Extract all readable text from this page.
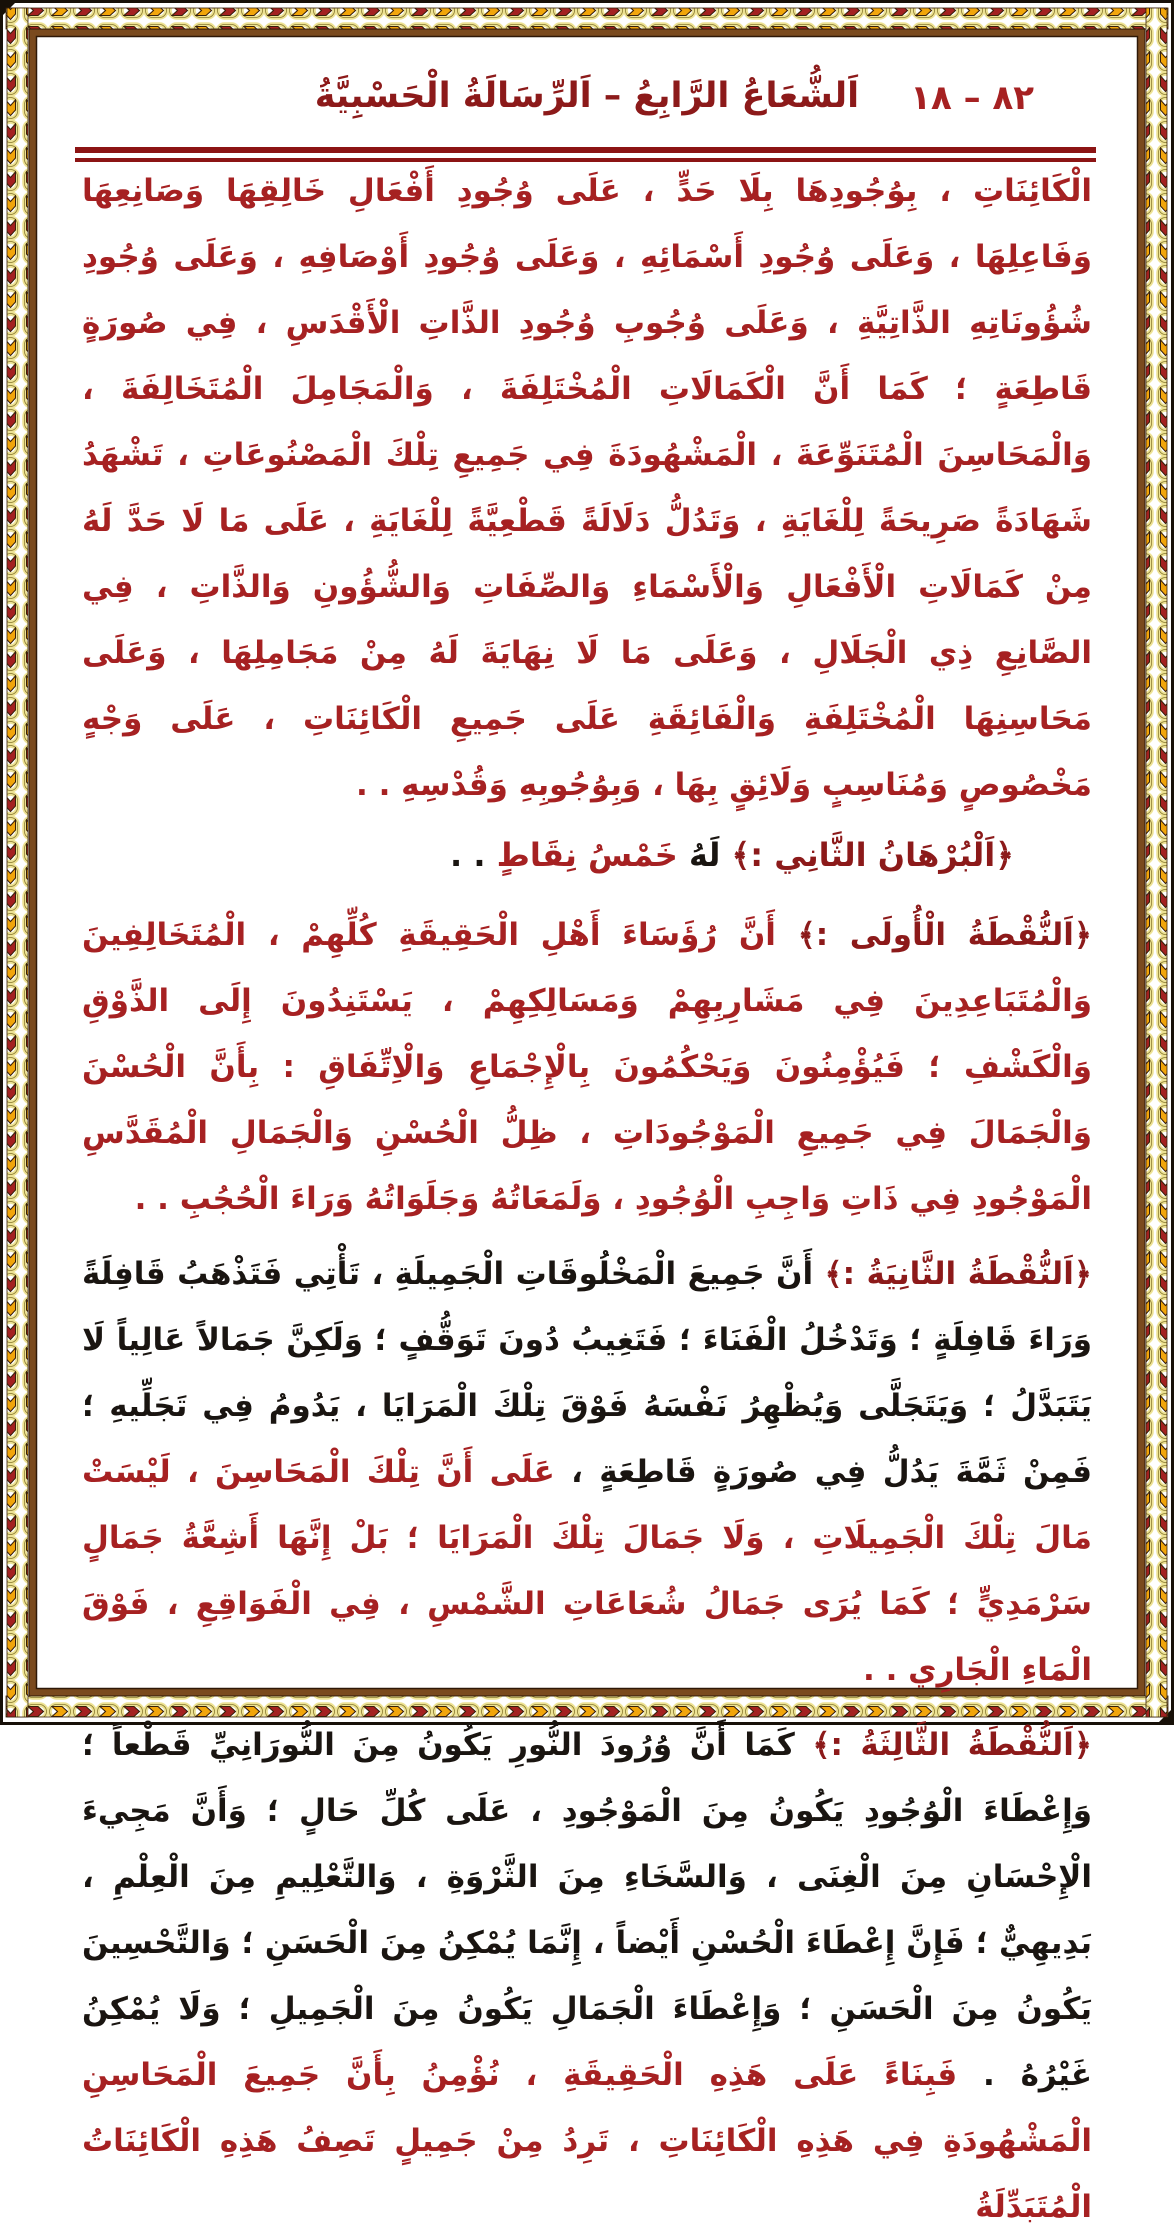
اَلشُّعَاعُ الرَّابِعُ – اَلرِّسَالَةُ الْحَسْبِيَّةُ	٨٢ – ١٨

الْكَائِنَاتِ ، بِوُجُودِهَا بِلَا حَدٍّ ، عَلَى وُجُودِ أَفْعَالِ خَالِقِهَا وَصَانِعِهَا وَفَاعِلِهَا ، وَعَلَى وُجُودِ أَسْمَائِهِ ، وَعَلَى وُجُودِ أَوْصَافِهِ ، وَعَلَى وُجُودِ شُؤُونَاتِهِ الذَّاتِيَّةِ ، وَعَلَى وُجُوبِ وُجُودِ الذَّاتِ الْأَقْدَسِ ، فِي صُورَةٍ قَاطِعَةٍ ؛ كَمَا أَنَّ الْكَمَالَاتِ الْمُخْتَلِفَةَ ، وَالْمَجَامِلَ الْمُتَخَالِفَةَ ، وَالْمَحَاسِنَ الْمُتَنَوِّعَةَ ، الْمَشْهُودَةَ فِي جَمِيعِ تِلْكَ الْمَصْنُوعَاتِ ، تَشْهَدُ شَهَادَةً صَرِيحَةً لِلْغَايَةِ ، وَتَدُلُّ دَلَالَةً قَطْعِيَّةً لِلْغَايَةِ ، عَلَى مَا لَا حَدَّ لَهُ مِنْ كَمَالَاتِ الْأَفْعَالِ وَالْأَسْمَاءِ وَالصِّفَاتِ وَالشُّؤُونِ وَالذَّاتِ ، فِي الصَّانِعِ ذِي الْجَلَالِ ، وَعَلَى مَا لَا نِهَايَةَ لَهُ مِنْ مَجَامِلِهَا ، وَعَلَى مَحَاسِنِهَا الْمُخْتَلِفَةِ وَالْفَائِقَةِ عَلَى جَمِيعِ الْكَائِنَاتِ ، عَلَى وَجْهٍ مَخْصُوصٍ وَمُنَاسِبٍ وَلَائِقٍ بِهَا ، وَبِوُجُوبِهِ وَقُدْسِهِ . .

﴿اَلْبُرْهَانُ الثَّانِي :﴾ لَهُ خَمْسُ نِقَاطٍ . .

﴿اَلنُّقْطَةُ الْأُولَى :﴾ أَنَّ رُؤَسَاءَ أَهْلِ الْحَقِيقَةِ كُلِّهِمْ ، الْمُتَخَالِفِينَ وَالْمُتَبَاعِدِينَ فِي مَشَارِبِهِمْ وَمَسَالِكِهِمْ ، يَسْتَنِدُونَ إِلَى الذَّوْقِ وَالْكَشْفِ ؛ فَيُؤْمِنُونَ وَيَحْكُمُونَ بِالْإِجْمَاعِ وَالْاِتِّفَاقِ : بِأَنَّ الْحُسْنَ وَالْجَمَالَ فِي جَمِيعِ الْمَوْجُودَاتِ ، ظِلُّ الْحُسْنِ وَالْجَمَالِ الْمُقَدَّسِ الْمَوْجُودِ فِي ذَاتِ وَاجِبِ الْوُجُودِ ، وَلَمَعَاتُهُ وَجَلَوَاتُهُ وَرَاءَ الْحُجُبِ . .

﴿اَلنُّقْطَةُ الثَّانِيَةُ :﴾ أَنَّ جَمِيعَ الْمَخْلُوقَاتِ الْجَمِيلَةِ ، تَأْتِي فَتَذْهَبُ قَافِلَةً وَرَاءَ قَافِلَةٍ ؛ وَتَدْخُلُ الْفَنَاءَ ؛ فَتَغِيبُ دُونَ تَوَقُّفٍ ؛ وَلَكِنَّ جَمَالاً عَالِياً لَا يَتَبَدَّلُ ؛ وَيَتَجَلَّى وَيُظْهِرُ نَفْسَهُ فَوْقَ تِلْكَ الْمَرَايَا ، يَدُومُ فِي تَجَلِّيهِ ؛ فَمِنْ ثَمَّةَ يَدُلُّ فِي صُورَةٍ قَاطِعَةٍ ، عَلَى أَنَّ تِلْكَ الْمَحَاسِنَ ، لَيْسَتْ مَالَ تِلْكَ الْجَمِيلَاتِ ، وَلَا جَمَالَ تِلْكَ الْمَرَايَا ؛ بَلْ إِنَّهَا أَشِعَّةُ جَمَالٍ سَرْمَدِيٍّ ؛ كَمَا يُرَى جَمَالُ شُعَاعَاتِ الشَّمْسِ ، فِي الْفَوَاقِعِ ، فَوْقَ الْمَاءِ الْجَارِي . .

﴿اَلنُّقْطَةُ الثَّالِثَةُ :﴾ كَمَا أَنَّ وُرُودَ النُّورِ يَكُونُ مِنَ النُّورَانِيِّ قَطْعاً ؛ وَإِعْطَاءَ الْوُجُودِ يَكُونُ مِنَ الْمَوْجُودِ ، عَلَى كُلِّ حَالٍ ؛ وَأَنَّ مَجِيءَ الْإِحْسَانِ مِنَ الْغِنَى ، وَالسَّخَاءِ مِنَ الثَّرْوَةِ ، وَالتَّعْلِيمِ مِنَ الْعِلْمِ ، بَدِيهِيٌّ ؛ فَإِنَّ إِعْطَاءَ الْحُسْنِ أَيْضاً ، إِنَّمَا يُمْكِنُ مِنَ الْحَسَنِ ؛ وَالتَّحْسِينَ يَكُونُ مِنَ الْحَسَنِ ؛ وَإِعْطَاءَ الْجَمَالِ يَكُونُ مِنَ الْجَمِيلِ ؛ وَلَا يُمْكِنُ غَيْرُهُ . فَبِنَاءً عَلَى هَذِهِ الْحَقِيقَةِ ، نُؤْمِنُ بِأَنَّ جَمِيعَ الْمَحَاسِنِ الْمَشْهُودَةِ فِي هَذِهِ الْكَائِنَاتِ ، تَرِدُ مِنْ جَمِيلٍ تَصِفُ هَذِهِ الْكَائِنَاتُ الْمُتَبَدِّلَةُ
